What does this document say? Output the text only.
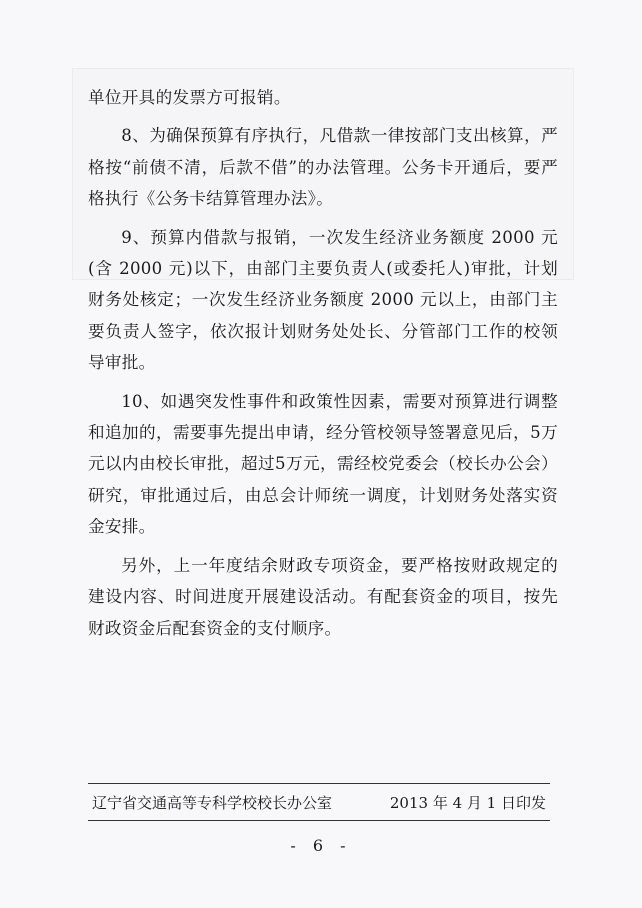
单位开具的发票方可报销。

8、为确保预算有序执行，凡借款一律按部门支出核算，严格按“前债不清，后款不借”的办法管理。公务卡开通后，要严格执行《公务卡结算管理办法》。

9、预算内借款与报销，一次发生经济业务额度 2000 元(含 2000 元)以下，由部门主要负责人(或委托人)审批，计划财务处核定；一次发生经济业务额度 2000 元以上，由部门主要负责人签字，依次报计划财务处处长、分管部门工作的校领导审批。

10、如遇突发性事件和政策性因素，需要对预算进行调整和追加的，需要事先提出申请，经分管校领导签署意见后，5万元以内由校长审批，超过5万元，需经校党委会（校长办公会）研究，审批通过后，由总会计师统一调度，计划财务处落实资金安排。

另外，上一年度结余财政专项资金，要严格按财政规定的建设内容、时间进度开展建设活动。有配套资金的项目，按先财政资金后配套资金的支付顺序。

辽宁省交通高等专科学校校长办公室	2013 年 4 月 1 日印发
- 6 -
